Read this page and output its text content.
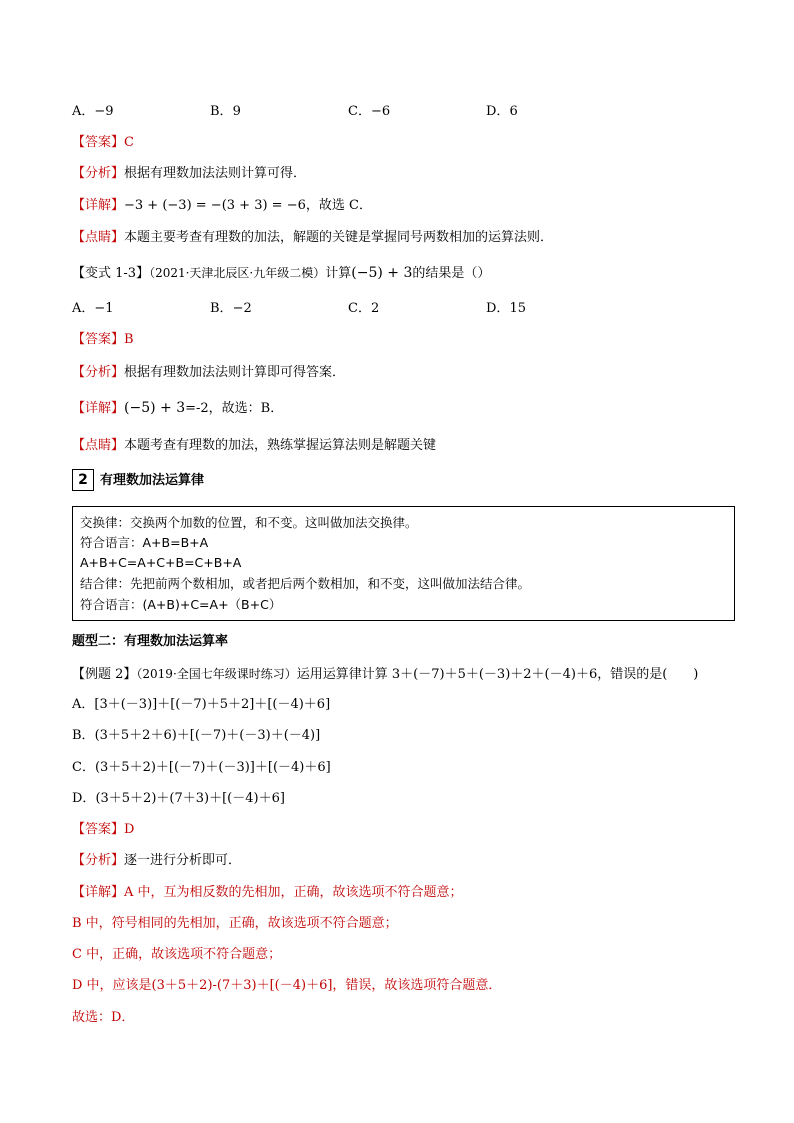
A．−9	B．9	C．−6	D．6
【答案】C
【分析】根据有理数加法法则计算可得．
【详解】−3 + (−3) = −(3 + 3) = −6，故选 C．
【点睛】本题主要考查有理数的加法，解题的关键是掌握同号两数相加的运算法则．
【变式 1-3】（2021·天津北辰区·九年级二模）计算(−5) + 3的结果是（）
A．−1	B．−2	C．2	D．15
【答案】B
【分析】根据有理数加法法则计算即可得答案．
【详解】(−5) + 3=-2，故选：B．
【点睛】本题考查有理数的加法，熟练掌握运算法则是解题关键
2 有理数加法运算律
交换律：交换两个加数的位置，和不变。这叫做加法交换律。
符合语言：A+B=B+A
A+B+C=A+C+B=C+B+A
结合律：先把前两个数相加，或者把后两个数相加，和不变，这叫做加法结合律。
符合语言：(A+B)+C=A+（B+C）
题型二：有理数加法运算率
【例题 2】（2019·全国七年级课时练习）运用运算律计算 3＋(－7)＋5＋(－3)＋2＋(－4)＋6，错误的是(　　)
A．[3＋(－3)]＋[(－7)＋5＋2]＋[(－4)＋6]
B．(3＋5＋2＋6)＋[(－7)＋(－3)＋(－4)]
C．(3＋5＋2)＋[(－7)＋(－3)]＋[(－4)＋6]
D．(3＋5＋2)＋(7＋3)＋[(－4)＋6]
【答案】D
【分析】逐一进行分析即可．
【详解】A 中，互为相反数的先相加，正确，故该选项不符合题意；
B 中，符号相同的先相加，正确，故该选项不符合题意；
C 中，正确，故该选项不符合题意；
D 中，应该是(3＋5＋2)-(7＋3)＋[(－4)＋6]，错误，故该选项符合题意．
故选：D．
